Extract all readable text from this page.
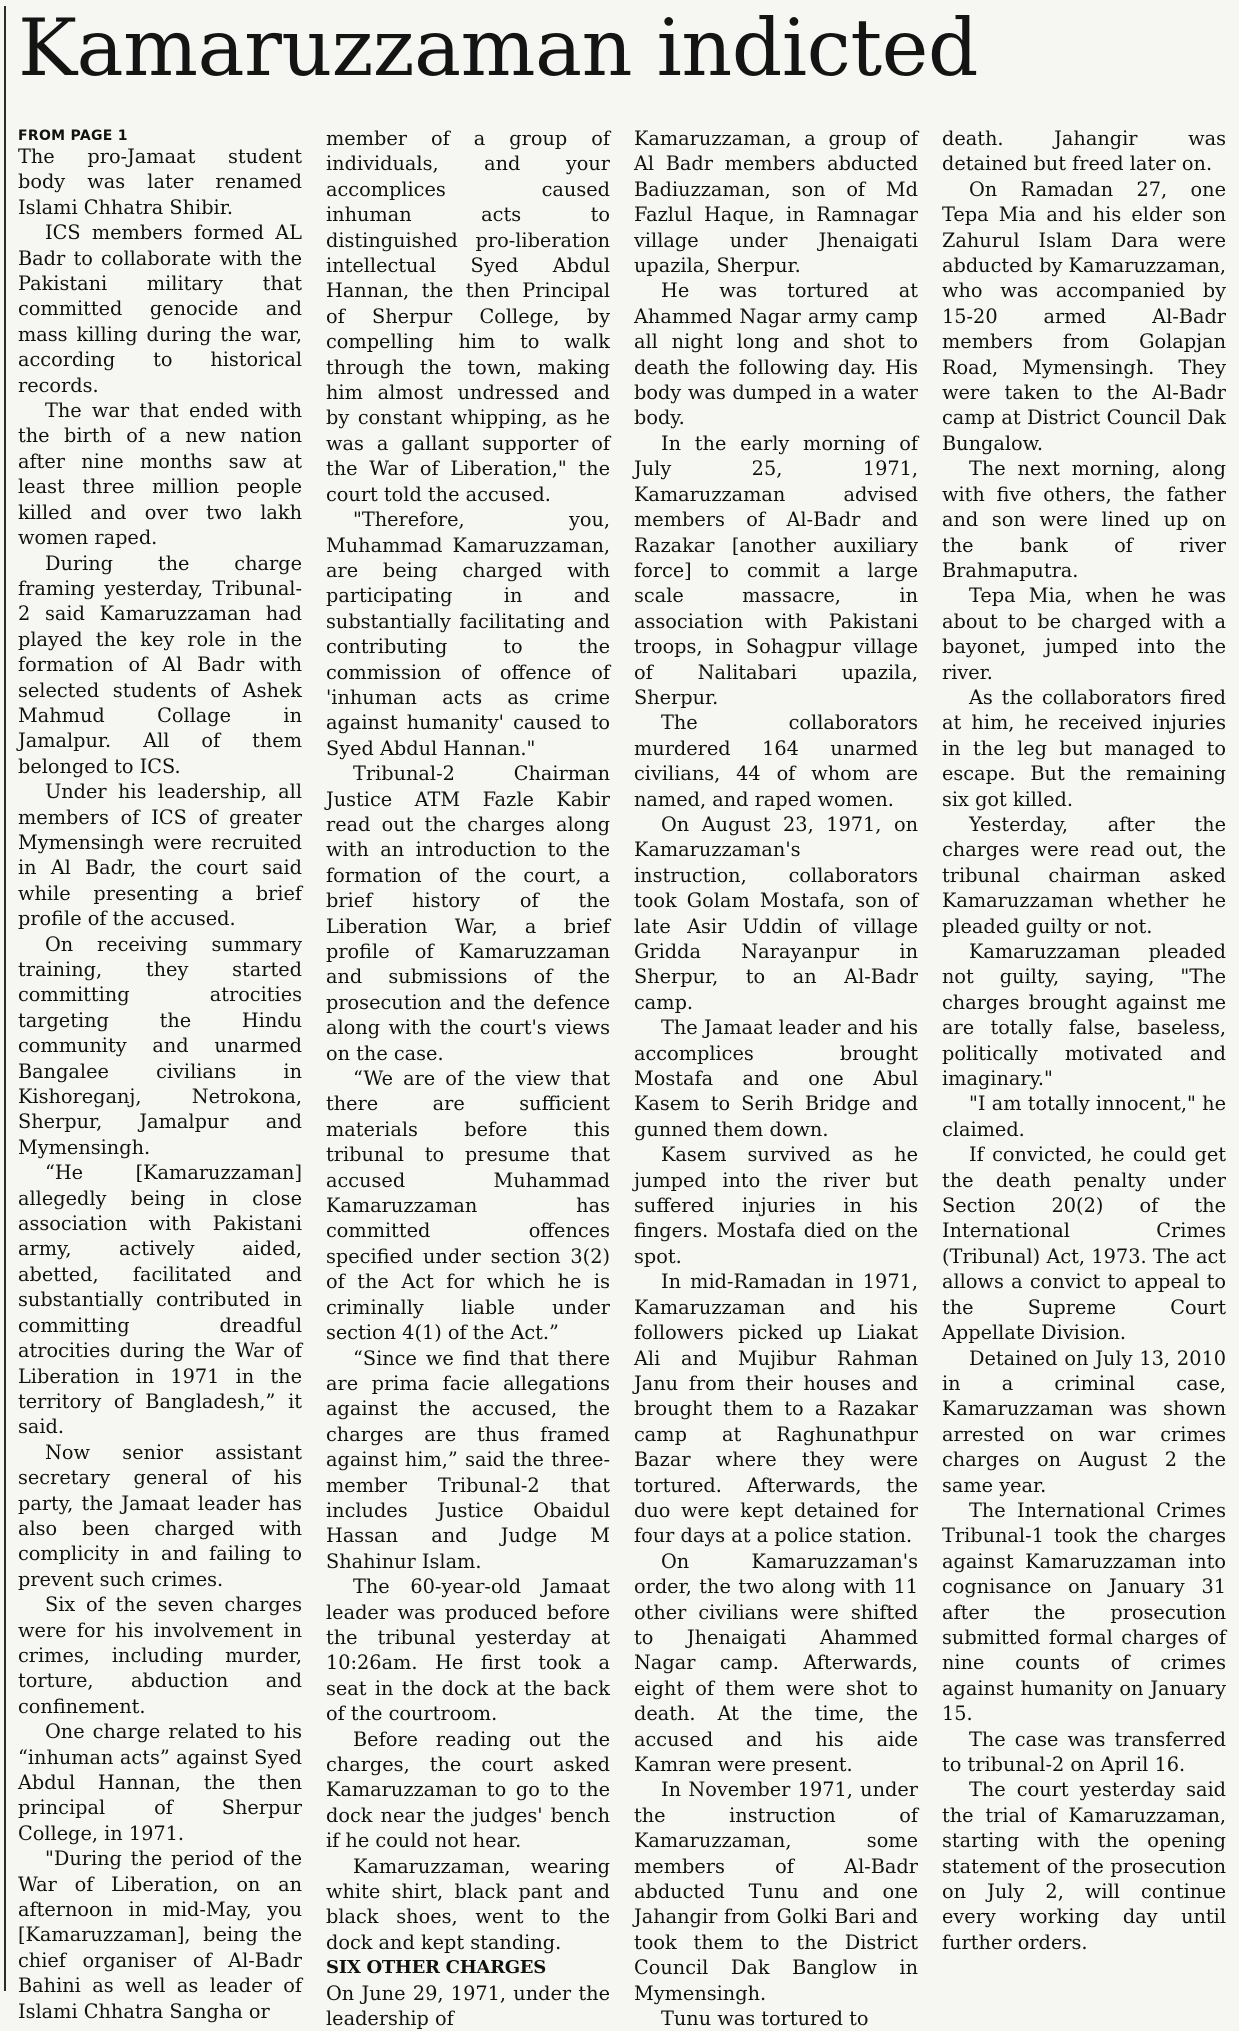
Kamaruzzaman indicted
FROM PAGE 1

The pro-Jamaat student body was later renamed Islami Chhatra Shibir.

ICS members formed AL Badr to collaborate with the Pakistani military that committed genocide and mass killing during the war, according to historical records.

The war that ended with the birth of a new nation after nine months saw at least three million people killed and over two lakh women raped.

During the charge framing yesterday, Tribunal-2 said Kamaruzzaman had played the key role in the formation of Al Badr with selected students of Ashek Mahmud Collage in Jamalpur. All of them belonged to ICS.

Under his leadership, all members of ICS of greater Mymensingh were recruited in Al Badr, the court said while presenting a brief profile of the accused.

On receiving summary training, they started committing atrocities targeting the Hindu community and unarmed Bangalee civilians in Kishoreganj, Netrokona, Sherpur, Jamalpur and Mymensingh.

“He [Kamaruzzaman] allegedly being in close association with Pakistani army, actively aided, abetted, facilitated and substantially contributed in committing dreadful atrocities during the War of Liberation in 1971 in the territory of Bangladesh,” it said.

Now senior assistant secretary general of his party, the Jamaat leader has also been charged with complicity in and failing to prevent such crimes.

Six of the seven charges were for his involvement in crimes, including murder, torture, abduction and confinement.

One charge related to his “inhuman acts” against Syed Abdul Hannan, the then principal of Sherpur College, in 1971.

"During the period of the War of Liberation, on an afternoon in mid-May, you [Kamaruzzaman], being the chief organiser of Al-Badr Bahini as well as leader of Islami Chhatra Sangha or

member of a group of individuals, and your accomplices caused inhuman acts to distinguished pro-liberation intellectual Syed Abdul Hannan, the then Principal of Sherpur College, by compelling him to walk through the town, making him almost undressed and by constant whipping, as he was a gallant supporter of the War of Liberation," the court told the accused.

"Therefore, you, Muhammad Kamaruzzaman, are being charged with participating in and substantially facilitating and contributing to the commission of offence of 'inhuman acts as crime against humanity' caused to Syed Abdul Hannan."

Tribunal-2 Chairman Justice ATM Fazle Kabir read out the charges along with an introduction to the formation of the court, a brief history of the Liberation War, a brief profile of Kamaruzzaman and submissions of the prosecution and the defence along with the court's views on the case.

“We are of the view that there are sufficient materials before this tribunal to presume that accused Muhammad Kamaruzzaman has committed offences specified under section 3(2) of the Act for which he is criminally liable under section 4(1) of the Act.”

“Since we find that there are prima facie allegations against the accused, the charges are thus framed against him,” said the three-member Tribunal-2 that includes Justice Obaidul Hassan and Judge M Shahinur Islam.

The 60-year-old Jamaat leader was produced before the tribunal yesterday at 10:26am. He first took a seat in the dock at the back of the courtroom.

Before reading out the charges, the court asked Kamaruzzaman to go to the dock near the judges' bench if he could not hear.

Kamaruzzaman, wearing white shirt, black pant and black shoes, went to the dock and kept standing.

SIX OTHER CHARGES

On June 29, 1971, under the leadership of

Kamaruzzaman, a group of Al Badr members abducted Badiuzzaman, son of Md Fazlul Haque, in Ramnagar village under Jhenaigati upazila, Sherpur.

He was tortured at Ahammed Nagar army camp all night long and shot to death the following day. His body was dumped in a water body.

In the early morning of July 25, 1971, Kamaruzzaman advised members of Al-Badr and Razakar [another auxiliary force] to commit a large scale massacre, in association with Pakistani troops, in Sohagpur village of Nalitabari upazila, Sherpur.

The collaborators murdered 164 unarmed civilians, 44 of whom are named, and raped women.

On August 23, 1971, on Kamaruzzaman's instruction, collaborators took Golam Mostafa, son of late Asir Uddin of village Gridda Narayanpur in Sherpur, to an Al-Badr camp.

The Jamaat leader and his accomplices brought Mostafa and one Abul Kasem to Serih Bridge and gunned them down.

Kasem survived as he jumped into the river but suffered injuries in his fingers. Mostafa died on the spot.

In mid-Ramadan in 1971, Kamaruzzaman and his followers picked up Liakat Ali and Mujibur Rahman Janu from their houses and brought them to a Razakar camp at Raghunathpur Bazar where they were tortured. Afterwards, the duo were kept detained for four days at a police station.

On Kamaruzzaman's order, the two along with 11 other civilians were shifted to Jhenaigati Ahammed Nagar camp. Afterwards, eight of them were shot to death. At the time, the accused and his aide Kamran were present.

In November 1971, under the instruction of Kamaruzzaman, some members of Al-Badr abducted Tunu and one Jahangir from Golki Bari and took them to the District Council Dak Banglow in Mymensingh.

Tunu was tortured to

death. Jahangir was detained but freed later on.

On Ramadan 27, one Tepa Mia and his elder son Zahurul Islam Dara were abducted by Kamaruzzaman, who was accompanied by 15-20 armed Al-Badr members from Golapjan Road, Mymensingh. They were taken to the Al-Badr camp at District Council Dak Bungalow.

The next morning, along with five others, the father and son were lined up on the bank of river Brahmaputra.

Tepa Mia, when he was about to be charged with a bayonet, jumped into the river.

As the collaborators fired at him, he received injuries in the leg but managed to escape. But the remaining six got killed.

Yesterday, after the charges were read out, the tribunal chairman asked Kamaruzzaman whether he pleaded guilty or not.

Kamaruzzaman pleaded not guilty, saying, "The charges brought against me are totally false, baseless, politically motivated and imaginary."

"I am totally innocent," he claimed.

If convicted, he could get the death penalty under Section 20(2) of the International Crimes (Tribunal) Act, 1973. The act allows a convict to appeal to the Supreme Court Appellate Division.

Detained on July 13, 2010 in a criminal case, Kamaruzzaman was shown arrested on war crimes charges on August 2 the same year.

The International Crimes Tribunal-1 took the charges against Kamaruzzaman into cognisance on January 31 after the prosecution submitted formal charges of nine counts of crimes against humanity on January 15.

The case was transferred to tribunal-2 on April 16.

The court yesterday said the trial of Kamaruzzaman, starting with the opening statement of the prosecution on July 2, will continue every working day until further orders.
